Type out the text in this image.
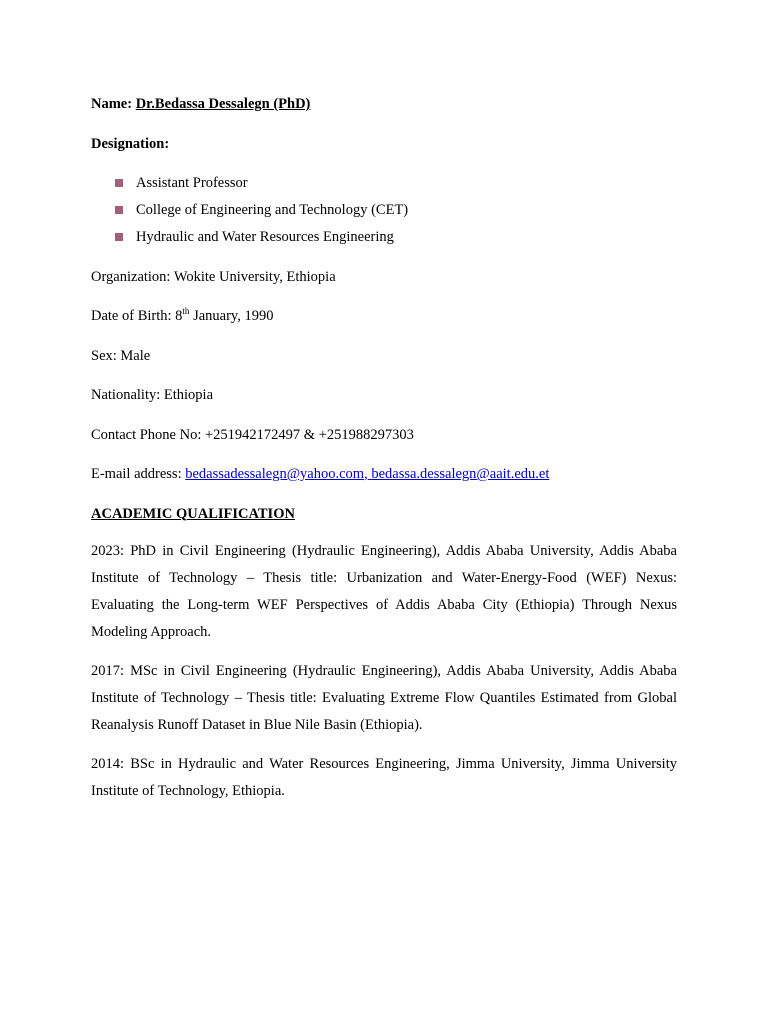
Name: Dr.Bedassa Dessalegn (PhD)
Designation:
Assistant Professor
College of Engineering and Technology (CET)
Hydraulic and Water Resources Engineering
Organization: Wokite University, Ethiopia
Date of Birth: 8th January, 1990
Sex: Male
Nationality: Ethiopia
Contact Phone No: +251942172497 & +251988297303
E-mail address: bedassadessalegn@yahoo.com, bedassa.dessalegn@aait.edu.et
ACADEMIC QUALIFICATION

2023: PhD in Civil Engineering (Hydraulic Engineering), Addis Ababa University, Addis Ababa Institute of Technology – Thesis title: Urbanization and Water-Energy-Food (WEF) Nexus: Evaluating the Long-term WEF Perspectives of Addis Ababa City (Ethiopia) Through Nexus Modeling Approach.

2017: MSc in Civil Engineering (Hydraulic Engineering), Addis Ababa University, Addis Ababa Institute of Technology – Thesis title: Evaluating Extreme Flow Quantiles Estimated from Global Reanalysis Runoff Dataset in Blue Nile Basin (Ethiopia).

2014: BSc in Hydraulic and Water Resources Engineering, Jimma University, Jimma University Institute of Technology, Ethiopia.
